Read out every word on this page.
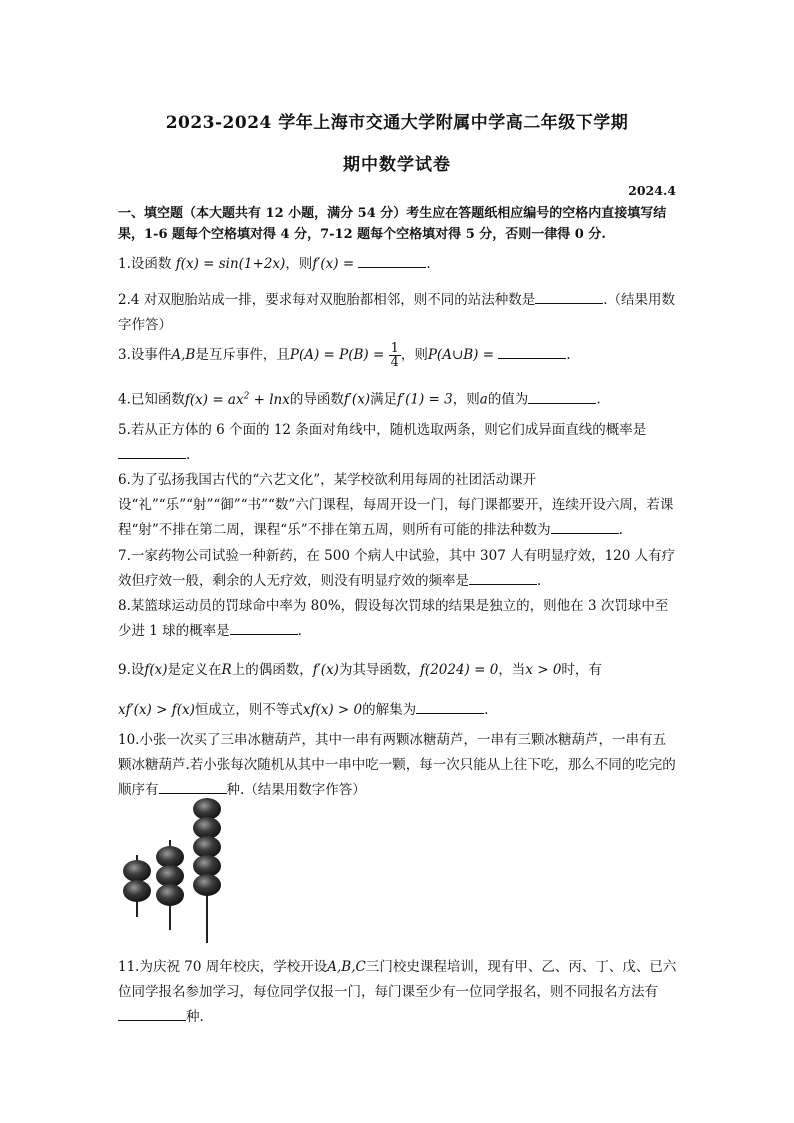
2023-2024 学年上海市交通大学附属中学高二年级下学期
期中数学试卷
2024.4
一、填空题（本大题共有 12 小题，满分 54 分）考生应在答题纸相应编号的空格内直接填写结果，1-6 题每个空格填对得 4 分，7-12 题每个空格填对得 5 分，否则一律得 0 分.
1.设函数 f(x) = sin(1+2x)，则f′(x) =	.
2.4 对双胞胎站成一排，要求每对双胞胎都相邻，则不同的站法种数是	.（结果用数字作答）
3.设事件A,B是互斥事件，且$P(A) = P(B) = \frac{1}{4}$ ，则P(A∪B) =	.
4.已知函数$f(x) = ax^2 + \ln x$的导函数f′(x)满足f′(1) = 3，则a的值为	.
5.若从正方体的 6 个面的 12 条面对角线中，随机选取两条，则它们成异面直线的概率是
.
6.为了弘扬我国古代的“六艺文化”，某学校欲利用每周的社团活动课开设“礼”“乐”“射”“御”“书”“数”六门课程，每周开设一门，每门课都要开，连续开设六周，若课程“射”不排在第二周，课程“乐”不排在第五周，则所有可能的排法种数为	.
7.一家药物公司试验一种新药，在 500 个病人中试验，其中 307 人有明显疗效，120 人有疗效但疗效一般，剩余的人无疗效，则没有明显疗效的频率是	.
8.某篮球运动员的罚球命中率为 80%，假设每次罚球的结果是独立的，则他在 3 次罚球中至少进 1 球的概率是	.
9.设f(x)是定义在R上的偶函数，f′(x)为其导函数，f(2024) = 0，当x > 0时，有
xf′(x) > f(x)恒成立，则不等式xf(x) > 0的解集为	.
10.小张一次买了三串冰糖葫芦，其中一串有两颗冰糖葫芦，一串有三颗冰糖葫芦，一串有五颗冰糖葫芦.若小张每次随机从其中一串中吃一颗，每一次只能从上往下吃，那么不同的吃完的顺序有	种.（结果用数字作答）
11.为庆祝 70 周年校庆，学校开设A,B,C三门校史课程培训，现有甲、乙、丙、丁、戊、已六位同学报名参加学习，每位同学仅报一门，每门课至少有一位同学报名，则不同报名方法有种.
